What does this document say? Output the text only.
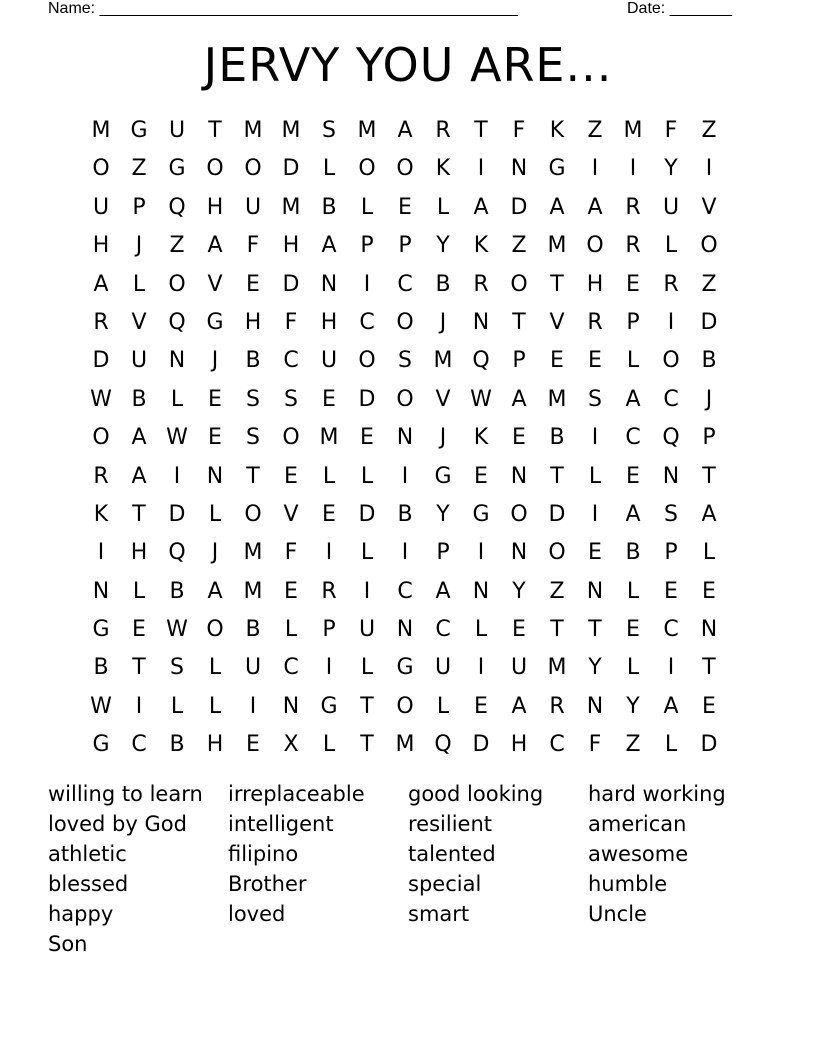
Name: _______________________________________________	Date: _______
JERVY YOU ARE...
M G U	T M M S M A	R	T	F	K	Z M	F	Z
O Z G O O D	L	O O	K	I	N G	I	I	Y	I
U	P	Q H U M B	L	E	L	A D	A	A	R	U	V
H	J	Z	A	F	H	A	P	P	Y	K	Z M O R	L	O
A	L	O V	E	D N	I	C	B	R O	T	H	E	R	Z
R	V Q G H	F	H	C O	J	N	T	V	R	P	I	D
D U N	J	B	C	U O	S M Q	P	E	E	L	O B
W B	L	E	S	S	E	D O V W A M S	A	C	J
O A W E	S	O M E	N	J	K	E	B	I	C Q	P
R	A	I	N	T	E	L	L	I	G	E	N	T	L	E	N	T
K	T	D	L	O V	E	D B	Y	G O D	I	A	S	A
I	H Q	J	M	F	I	L	I	P	I	N O	E	B	P	L
N	L	B	A M E	R	I	C	A	N	Y	Z	N	L	E	E
G	E W O B	L	P	U N	C	L	E	T	T	E	C	N
B	T	S	L	U	C	I	L	G U	I	U M Y	L	I	T
W	I	L	L	I	N G	T	O	L	E	A	R	N	Y	A	E
G C	B	H	E	X	L	T M Q D H	C	F	Z	L	D
willing to learn	irreplaceable	good looking	hard working
loved by God	intelligent	resilient	american
athletic	filipino	talented	awesome
blessed	Brother	special	humble
happy	loved	smart	Uncle
Son
